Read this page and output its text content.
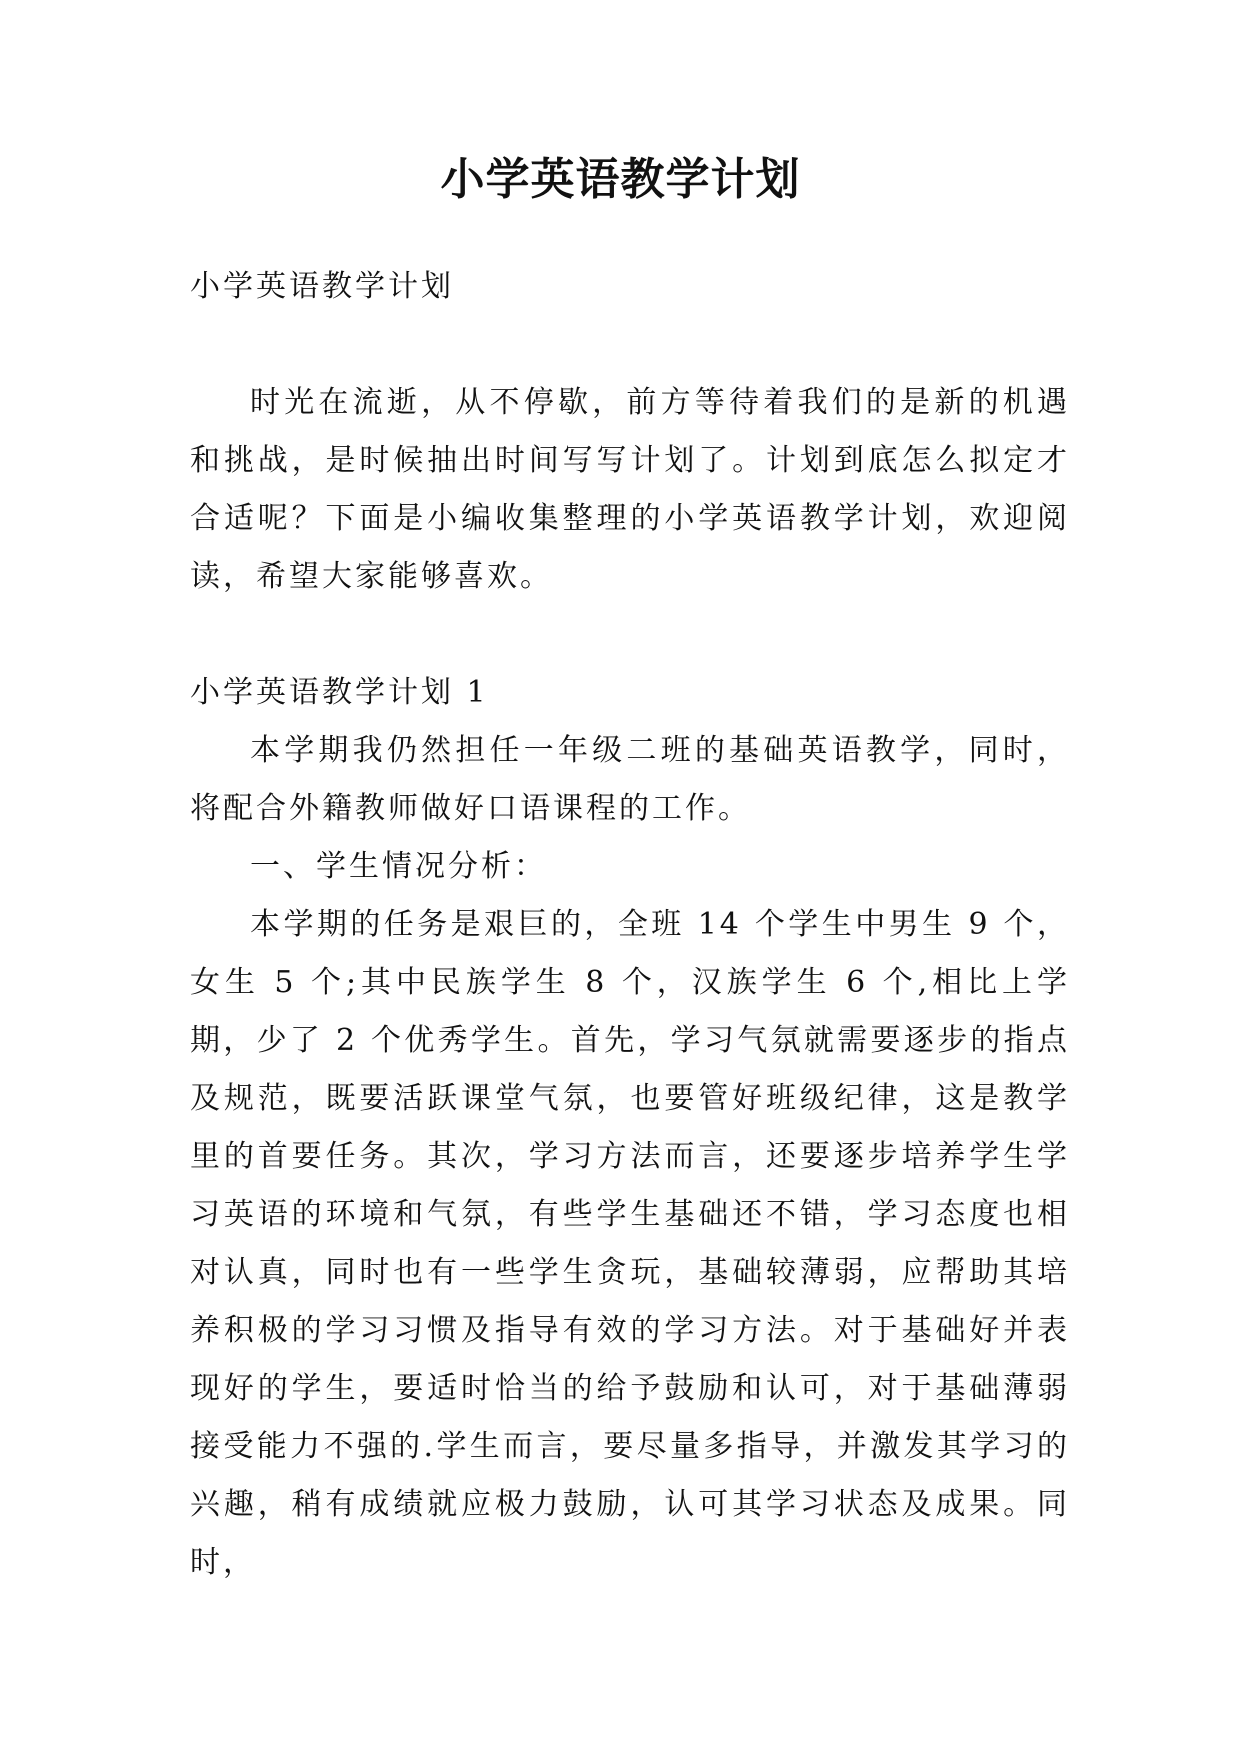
小学英语教学计划

小学英语教学计划

时光在流逝，从不停歇，前方等待着我们的是新的机遇和挑战，是时候抽出时间写写计划了。计划到底怎么拟定才合适呢？下面是小编收集整理的小学英语教学计划，欢迎阅读，希望大家能够喜欢。

小学英语教学计划 1

本学期我仍然担任一年级二班的基础英语教学，同时，将配合外籍教师做好口语课程的工作。

一、学生情况分析：

本学期的任务是艰巨的，全班 14 个学生中男生 9 个，女生 5 个;其中民族学生 8 个，汉族学生 6 个,相比上学期，少了 2 个优秀学生。首先，学习气氛就需要逐步的指点及规范，既要活跃课堂气氛，也要管好班级纪律，这是教学里的首要任务。其次，学习方法而言，还要逐步培养学生学习英语的环境和气氛，有些学生基础还不错，学习态度也相对认真，同时也有一些学生贪玩，基础较薄弱，应帮助其培养积极的学习习惯及指导有效的学习方法。对于基础好并表现好的学生，要适时恰当的给予鼓励和认可，对于基础薄弱接受能力不强的.学生而言，要尽量多指导，并激发其学习的兴趣，稍有成绩就应极力鼓励，认可其学习状态及成果。同时，
